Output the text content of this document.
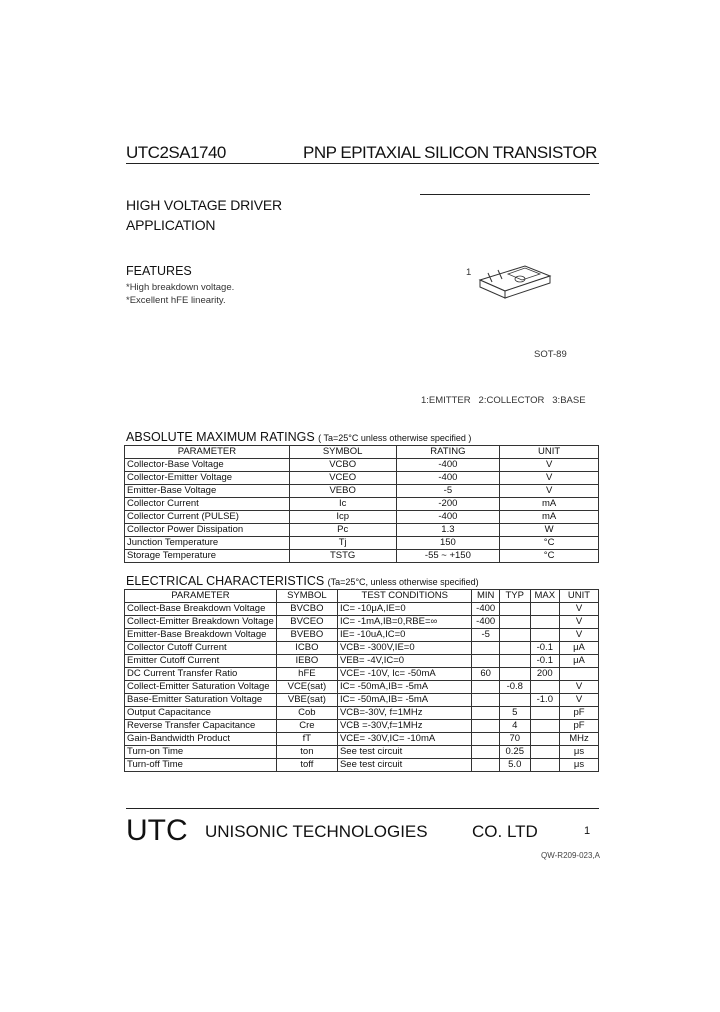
UTC2SA1740	PNP EPITAXIAL SILICON TRANSISTOR
HIGH VOLTAGE DRIVER
APPLICATION
FEATURES
*High breakdown voltage.
*Excellent hFE linearity.
1
SOT-89
1:EMITTER   2:COLLECTOR   3:BASE
ABSOLUTE MAXIMUM RATINGS ( Ta=25°C unless otherwise specified )
PARAMETER	SYMBOL	RATING	UNIT
Collector-Base Voltage	VCBO	-400	V
Collector-Emitter Voltage	VCEO	-400	V
Emitter-Base Voltage	VEBO	-5	V
Collector Current	Ic	-200	mA
Collector Current (PULSE)	Icp	-400	mA
Collector Power Dissipation	Pc	1.3	W
Junction Temperature	Tj	150	°C
Storage Temperature	TSTG	-55 ~ +150	°C
ELECTRICAL CHARACTERISTICS (Ta=25°C, unless otherwise specified)
PARAMETER	SYMBOL	TEST CONDITIONS	MIN	TYP	MAX	UNIT
Collect-Base Breakdown Voltage	BVCBO	IC= -10μA,IE=0	-400			V
Collect-Emitter Breakdown Voltage	BVCEO	IC= -1mA,IB=0,RBE=∞	-400			V
Emitter-Base Breakdown Voltage	BVEBO	IE= -10uA,IC=0	-5			V
Collector Cutoff Current	ICBO	VCB= -300V,IE=0			-0.1	μA
Emitter Cutoff Current	IEBO	VEB= -4V,IC=0			-0.1	μA
DC Current Transfer Ratio	hFE	VCE= -10V, Ic= -50mA	60		200	
Collect-Emitter Saturation Voltage	VCE(sat)	IC= -50mA,IB= -5mA		-0.8		V
Base-Emitter Saturation Voltage	VBE(sat)	IC= -50mA,IB= -5mA			-1.0	V
Output Capacitance	Cob	VCB=-30V, f=1MHz		5		pF
Reverse Transfer Capacitance	Cre	VCB =-30V,f=1MHz		4		pF
Gain-Bandwidth Product	fT	VCE= -30V,IC= -10mA		70		MHz
Turn-on Time	ton	See test circuit		0.25		μs
Turn-off Time	toff	See test circuit		5.0		μs
UTC UNISONIC TECHNOLOGIES	CO. LTD	1
QW-R209-023,A
